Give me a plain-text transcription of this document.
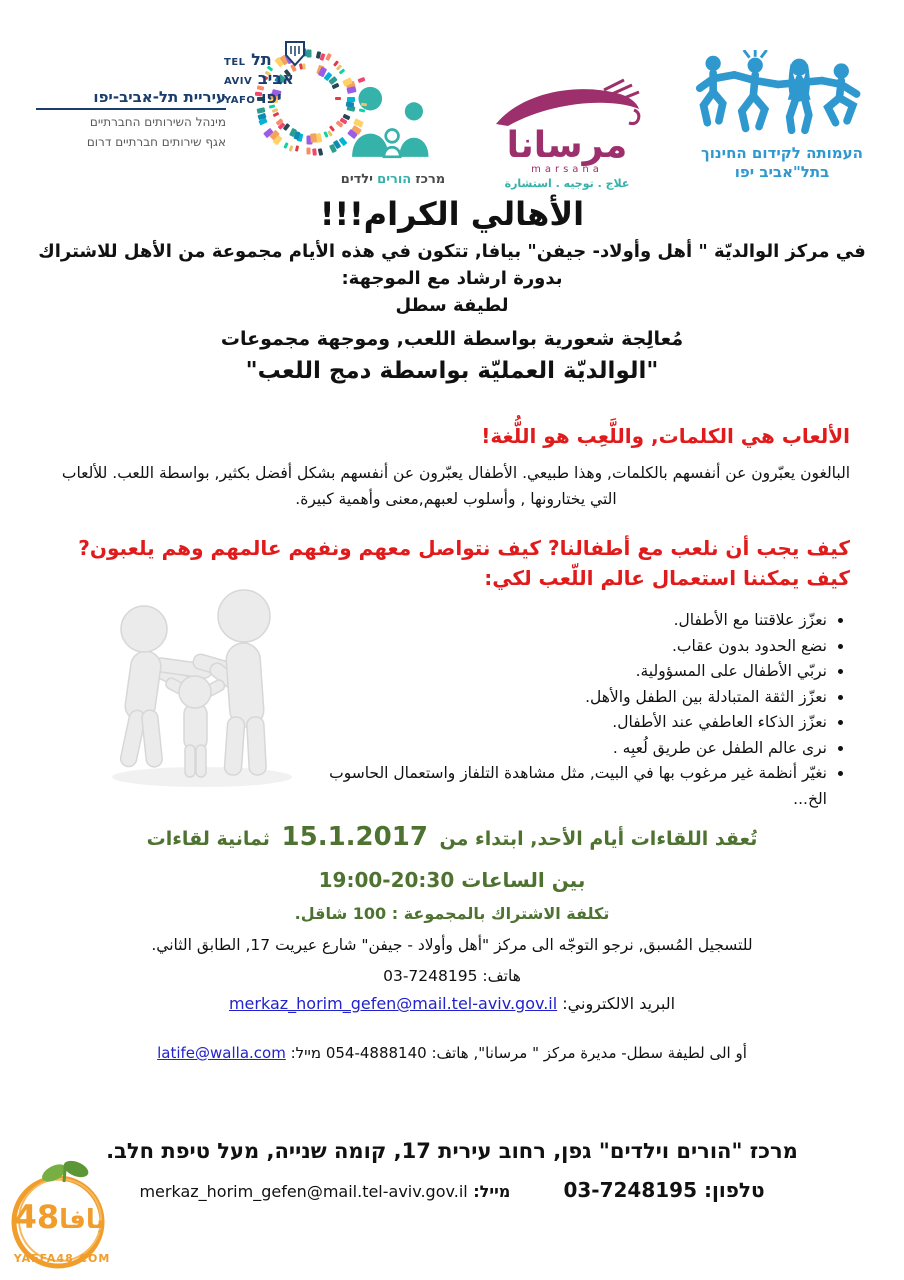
עיריית תל-אביב-יפו
מינהל השירותים החברתיים
אגף שירותים חברתיים דרום
תל TEL
אביב AVIV
יפו YAFO
מרכז הורים ילדים
مرسانا
marsana
علاج . توجيه . استشارة
העמותה לקידום החינוך
בתל"אביב יפו
الأهالي الكرام!!!

في مركز الوالديّة " أهل وأولاد- جيفن" بيافا, تتكون في هذه الأيام مجموعة من الأهل للاشتراك
بدورة ارشاد مع الموجهة:
لطيفة سطل

مُعالِجة شعورية بواسطة اللعب, وموجهة مجموعات

"الوالديّة العمليّة بواسطة دمج اللعب"

الألعاب هي الكلمات, واللَّعِب هو اللُّغة!
البالغون يعبّرون عن أنفسهم بالكلمات, وهذا طبيعي. الأطفال يعبّرون عن أنفسهم بشكل أفضل بكثير, بواسطة اللعب. للألعاب التي يختارونها , وأسلوب لعبهم,معنى وأهمية كبيرة.
كيف يجب أن نلعب مع أطفالنا? كيف نتواصل معهم ونفهم عالمهم وهم يلعبون? كيف يمكننا استعمال عالم اللّعب لكي:
• نعزّز علاقتنا مع الأطفال.
• نضع الحدود بدون عقاب.
• نربّي الأطفال على المسؤولية.
• نعزّز الثقة المتبادلة بين الطفل والأهل.
• نعزّز الذكاء العاطفي عند الأطفال.
• نرى عالم الطفل عن طريق لُعبِه .
• نغيّر أنظمة غير مرغوب بها في البيت, مثل مشاهدة التلفاز واستعمال الحاسوب الخ...
تُعقد اللقاءات أيام الأحد, ابتداء من 15.1.2017 ثمانية لقاءات
بين الساعات 19:00-20:30
تكلفة الاشتراك بالمجموعة : 100 شاقل.
للتسجيل المُسبق, نرجو التوجّه الى مركز "أهل وأولاد - جيفن" شارع عيريت 17, الطابق الثاني.
هاتف: 03-7248195
البريد الالكتروني: merkaz_horim_gefen@mail.tel-aviv.gov.il
أو الى لطيفة سطل- مديرة مركز " مرسانا", هاتف: 054-4888140 מייל: latife@walla.com
מרכז "הורים וילדים" גפן, רחוב עירית 17, קומה שנייה, מעל טיפת חלב.
טלפון: 03-7248195 מייל: merkaz_horim_gefen@mail.tel-aviv.gov.il
يافا48
YAFFA48.COM
